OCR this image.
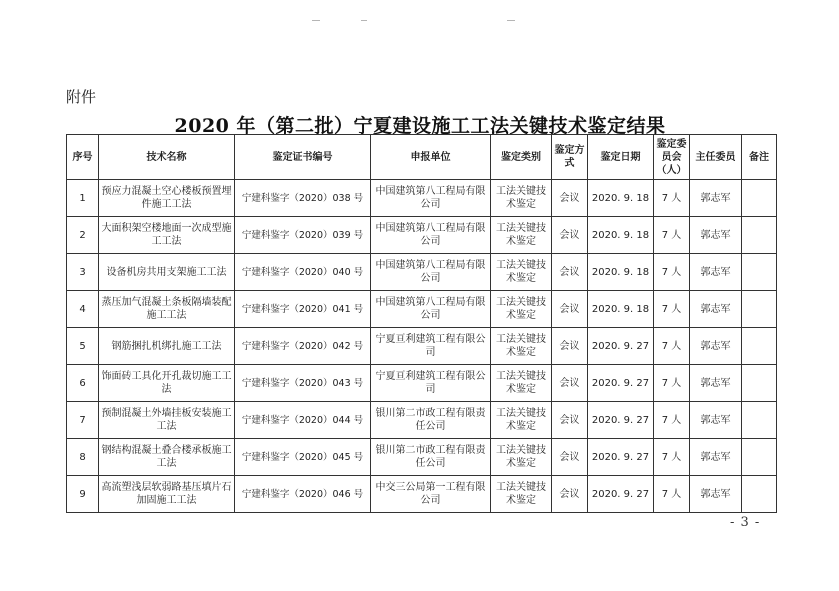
附件
2020 年（第二批）宁夏建设施工工法关键技术鉴定结果
序号	技术名称	鉴定证书编号	申报单位	鉴定类别	鉴定方式	鉴定日期	鉴定委员会（人）	主任委员	备注
1	预应力混凝土空心楼板预置埋件施工工法	宁建科鉴字（2020）038 号	中国建筑第八工程局有限公司	工法关键技术鉴定	会议	2020. 9. 18	7 人	郭志军	
2	大面积架空楼地面一次成型施工工法	宁建科鉴字（2020）039 号	中国建筑第八工程局有限公司	工法关键技术鉴定	会议	2020. 9. 18	7 人	郭志军	
3	设备机房共用支架施工工法	宁建科鉴字（2020）040 号	中国建筑第八工程局有限公司	工法关键技术鉴定	会议	2020. 9. 18	7 人	郭志军	
4	蒸压加气混凝土条板隔墙装配施工工法	宁建科鉴字（2020）041 号	中国建筑第八工程局有限公司	工法关键技术鉴定	会议	2020. 9. 18	7 人	郭志军	
5	钢筋捆扎机绑扎施工工法	宁建科鉴字（2020）042 号	宁夏亘利建筑工程有限公司	工法关键技术鉴定	会议	2020. 9. 27	7 人	郭志军	
6	饰面砖工具化开孔裁切施工工法	宁建科鉴字（2020）043 号	宁夏亘利建筑工程有限公司	工法关键技术鉴定	会议	2020. 9. 27	7 人	郭志军	
7	预制混凝土外墙挂板安装施工工法	宁建科鉴字（2020）044 号	银川第二市政工程有限责任公司	工法关键技术鉴定	会议	2020. 9. 27	7 人	郭志军	
8	钢结构混凝土叠合楼承板施工工法	宁建科鉴字（2020）045 号	银川第二市政工程有限责任公司	工法关键技术鉴定	会议	2020. 9. 27	7 人	郭志军	
9	高流塑浅层软弱路基压填片石加固施工工法	宁建科鉴字（2020）046 号	中交三公局第一工程有限公司	工法关键技术鉴定	会议	2020. 9. 27	7 人	郭志军	
- 3 -
